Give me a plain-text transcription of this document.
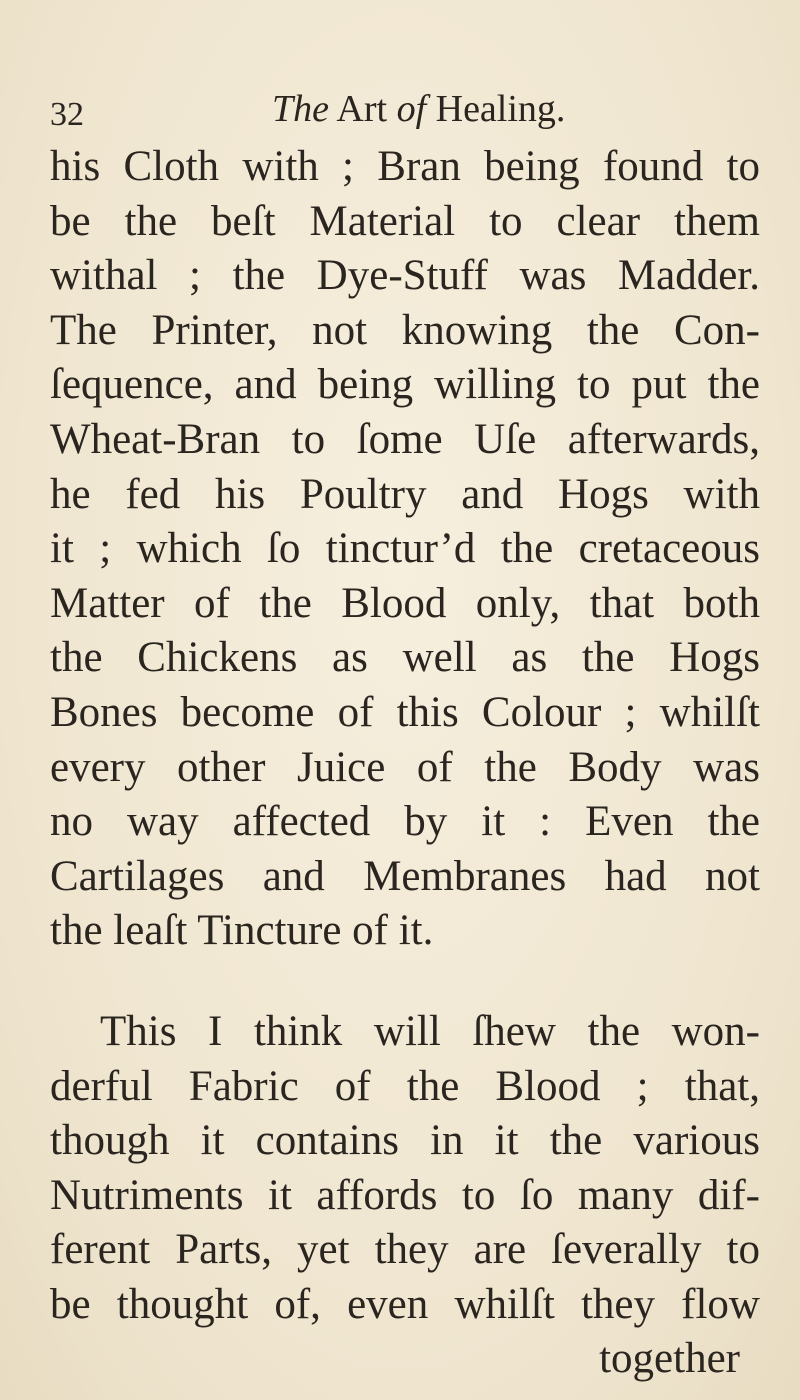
32	The Art of Healing.
his Cloth with ; Bran being found to
be the beſt Material to clear them
withal ; the Dye-Stuff was Madder.
The Printer, not knowing the Con-
ſequence, and being willing to put the
Wheat-Bran to ſome Uſe afterwards,
he fed his Poultry and Hogs with
it ; which ſo tinctur’d the cretaceous
Matter of the Blood only, that both
the Chickens as well as the Hogs
Bones become of this Colour ; whilſt
every other Juice of the Body was
no way affected by it : Even the
Cartilages and Membranes had not
the leaſt Tincture of it.
This I think will ſhew the won-
derful Fabric of the Blood ; that,
though it contains in it the various
Nutriments it affords to ſo many dif-
ferent Parts, yet they are ſeverally to
be thought of, even whilſt they flow
together
